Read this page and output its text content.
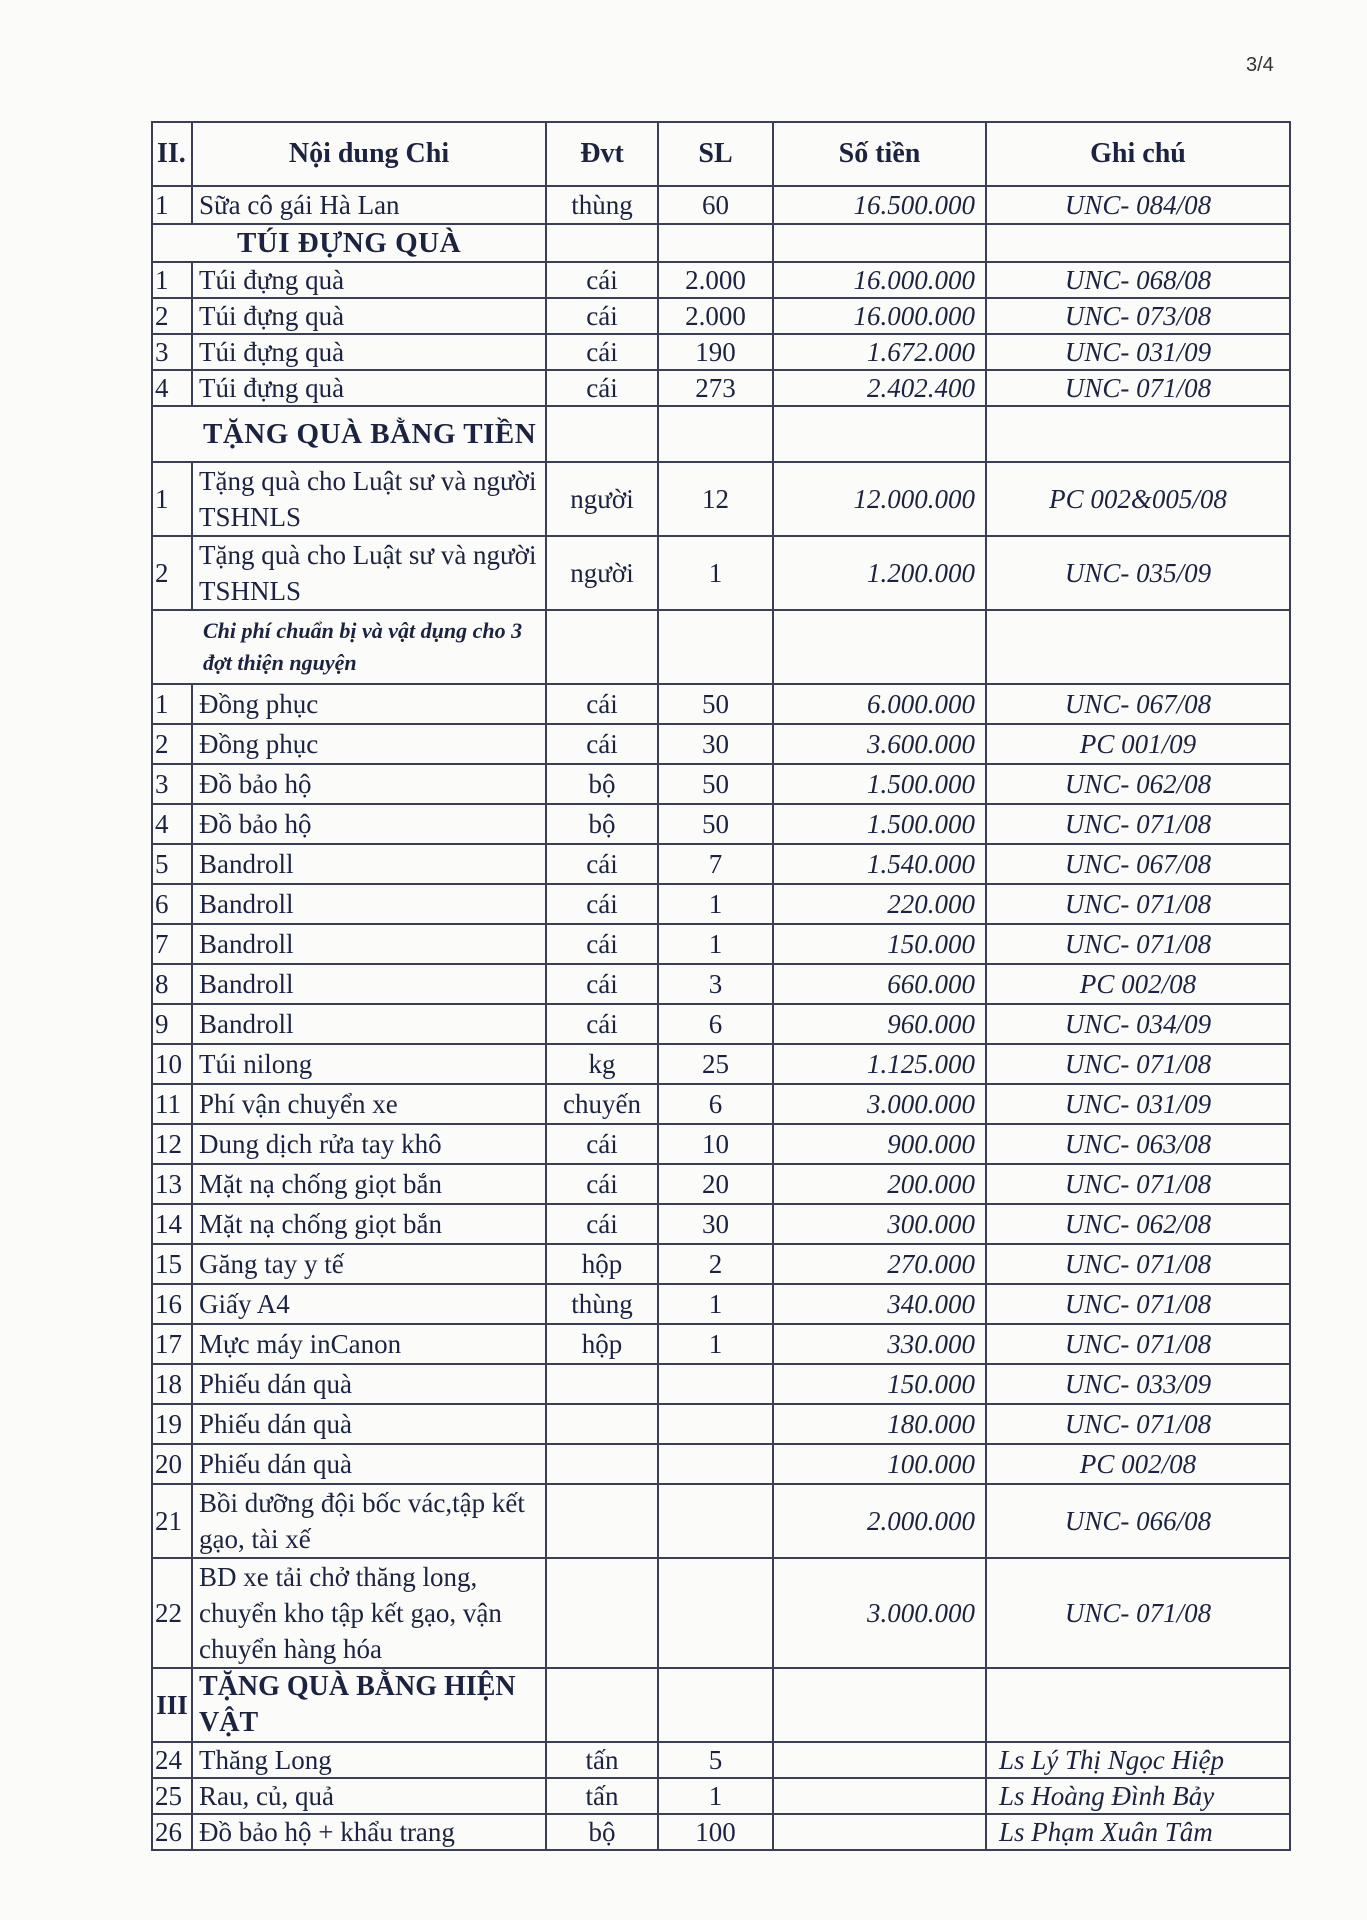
3/4
II.	Nội dung Chi	Đvt	SL	Số tiền	Ghi chú
1	Sữa cô gái Hà Lan	thùng	60	16.500.000	UNC- 084/08
TÚI ĐỰNG QUÀ					
1	Túi đựng quà	cái	2.000	16.000.000	UNC- 068/08
2	Túi đựng quà	cái	2.000	16.000.000	UNC- 073/08
3	Túi đựng quà	cái	190	1.672.000	UNC- 031/09
4	Túi đựng quà	cái	273	2.402.400	UNC- 071/08
TẶNG QUÀ BẰNG TIỀN					
1	Tặng quà cho Luật sư và người TSHNLS	người	12	12.000.000	PC 002&005/08
2	Tặng quà cho Luật sư và người TSHNLS	người	1	1.200.000	UNC- 035/09
Chi phí chuẩn bị và vật dụng cho 3 đợt thiện nguyện					
1	Đồng phục	cái	50	6.000.000	UNC- 067/08
2	Đồng phục	cái	30	3.600.000	PC 001/09
3	Đồ bảo hộ	bộ	50	1.500.000	UNC- 062/08
4	Đồ bảo hộ	bộ	50	1.500.000	UNC- 071/08
5	Bandroll	cái	7	1.540.000	UNC- 067/08
6	Bandroll	cái	1	220.000	UNC- 071/08
7	Bandroll	cái	1	150.000	UNC- 071/08
8	Bandroll	cái	3	660.000	PC 002/08
9	Bandroll	cái	6	960.000	UNC- 034/09
10	Túi nilong	kg	25	1.125.000	UNC- 071/08
11	Phí vận chuyển xe	chuyến	6	3.000.000	UNC- 031/09
12	Dung dịch rửa tay khô	cái	10	900.000	UNC- 063/08
13	Mặt nạ chống giọt bắn	cái	20	200.000	UNC- 071/08
14	Mặt nạ chống giọt bắn	cái	30	300.000	UNC- 062/08
15	Găng tay y tế	hộp	2	270.000	UNC- 071/08
16	Giấy A4	thùng	1	340.000	UNC- 071/08
17	Mực máy inCanon	hộp	1	330.000	UNC- 071/08
18	Phiếu dán quà			150.000	UNC- 033/09
19	Phiếu dán quà			180.000	UNC- 071/08
20	Phiếu dán quà			100.000	PC 002/08
21	Bồi dưỡng đội bốc vác,tập kết gạo, tài xế			2.000.000	UNC- 066/08
22	BD xe tải chở thăng long, chuyển kho tập kết gạo, vận chuyển hàng hóa			3.000.000	UNC- 071/08
III	TẶNG QUÀ BẰNG HIỆN VẬT				
24	Thăng Long	tấn	5		Ls Lý Thị Ngọc Hiệp
25	Rau, củ, quả	tấn	1		Ls Hoàng Đình Bảy
26	Đồ bảo hộ + khẩu trang	bộ	100		Ls Phạm Xuân Tâm
